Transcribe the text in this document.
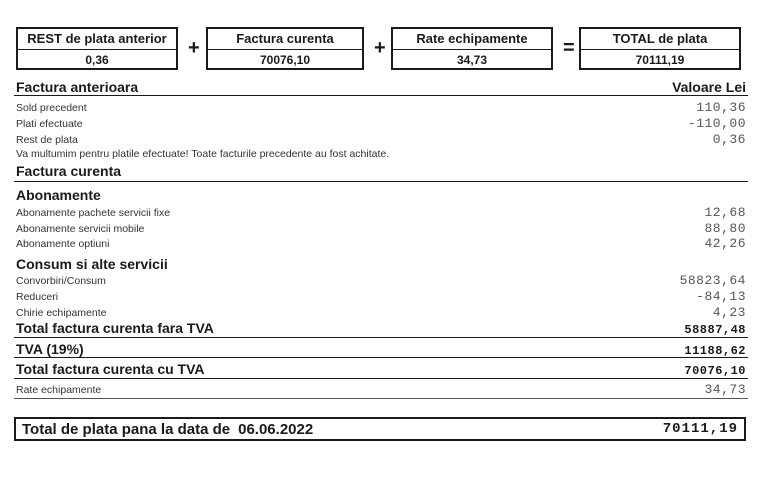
REST de plata anterior
0,36
+	Factura curenta
70076,10
+	Rate echipamente
34,73
=	TOTAL de plata
70111,19
Factura anterioara	Valoare Lei
Sold precedent	110,36
Plati efectuate	-110,00
Rest de plata	0,36
Va multumim pentru platile efectuate! Toate facturile precedente au fost achitate.
Factura curenta
Abonamente
Abonamente pachete servicii fixe	12,68
Abonamente servicii mobile	88,80
Abonamente optiuni	42,26
Consum si alte servicii
Convorbiri/Consum	58823,64
Reduceri	-84,13
Chirie echipamente	4,23
Total factura curenta fara TVA	58887,48
TVA (19%)	11188,62
Total factura curenta cu TVA	70076,10
Rate echipamente	34,73
Total de plata pana la data de 06.06.2022	70111,19
